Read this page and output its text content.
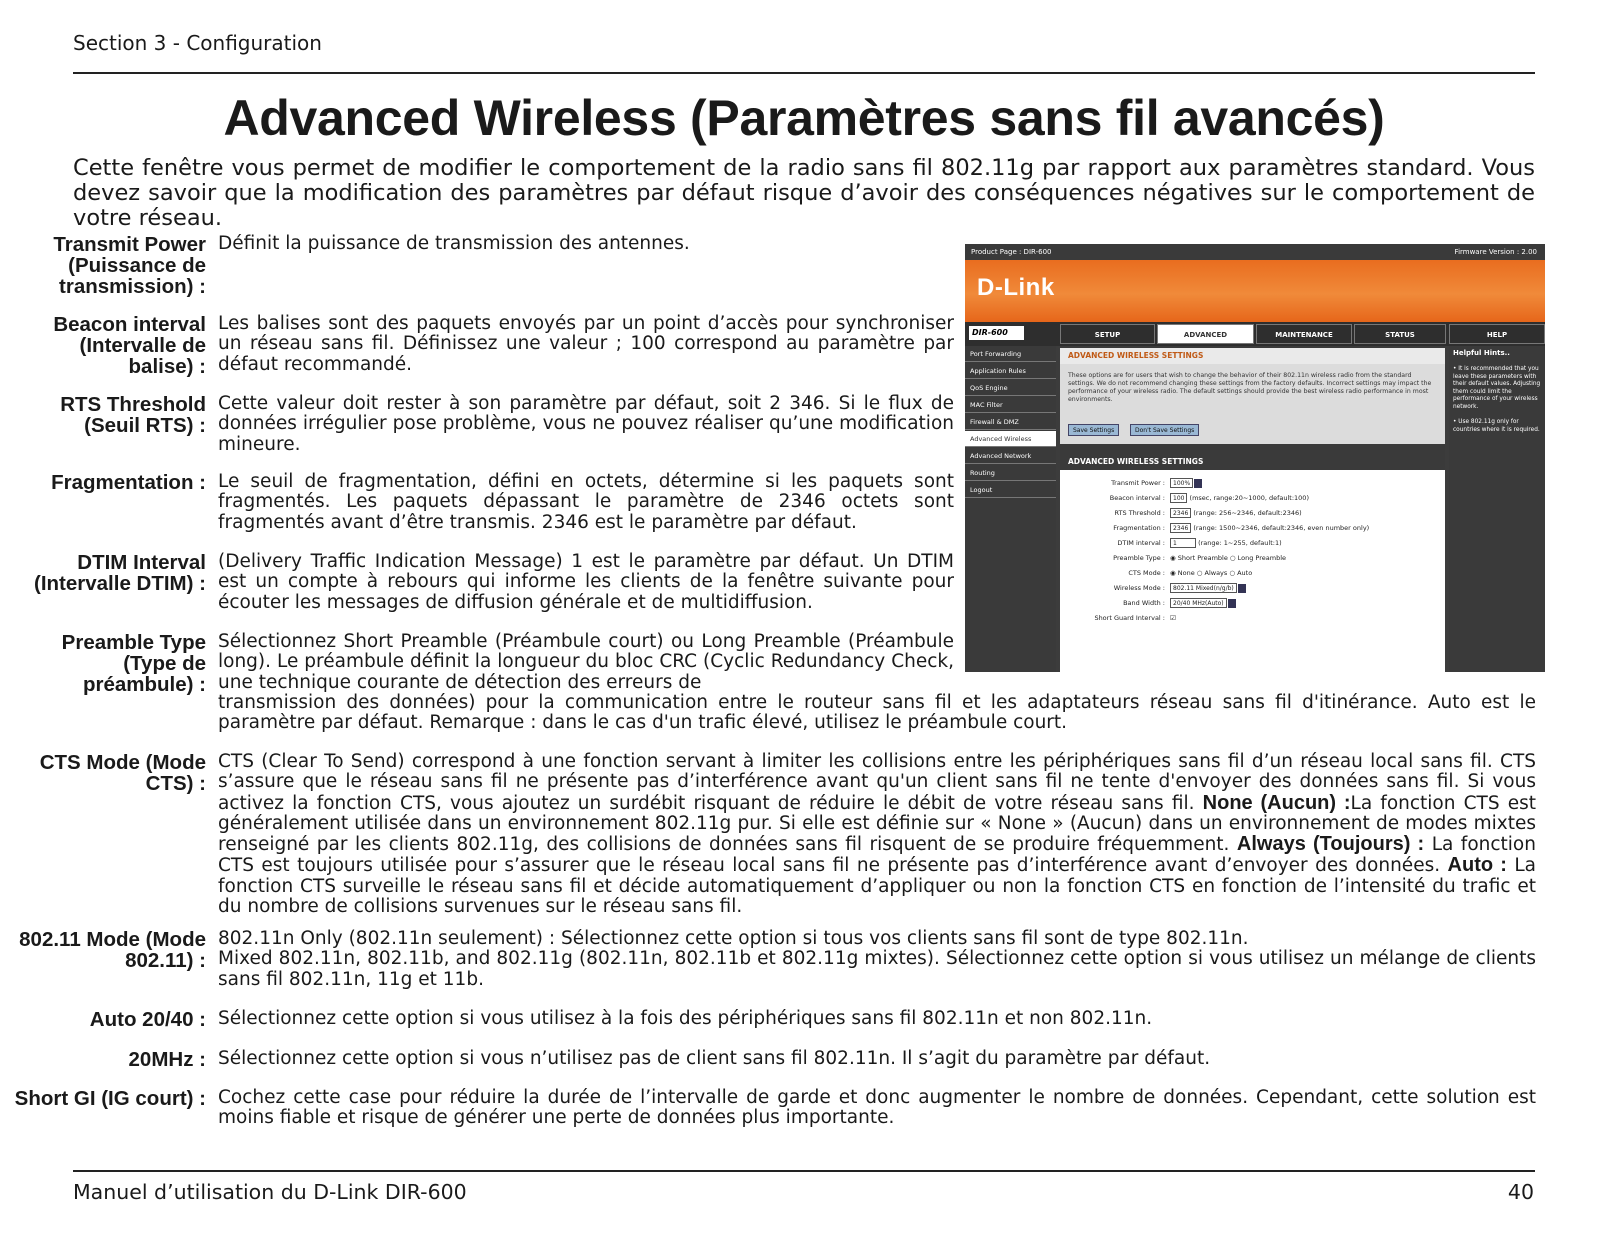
Section 3 - Configuration
Advanced Wireless (Paramètres sans fil avancés)

Cette fenêtre vous permet de modifier le comportement de la radio sans fil 802.11g par rapport aux paramètres standard. Vous devez savoir que la modification des paramètres par défaut risque d’avoir des conséquences négatives sur le comportement de votre réseau.

Transmit Power (Puissance de transmission) :
Définit la puissance de transmission des antennes.
Beacon interval (Intervalle de balise) :
Les balises sont des paquets envoyés par un point d’accès pour synchroniser un réseau sans fil. Définissez une valeur ; 100 correspond au paramètre par défaut recommandé.
RTS Threshold (Seuil RTS) :
Cette valeur doit rester à son paramètre par défaut, soit 2 346. Si le flux de données irrégulier pose problème, vous ne pouvez réaliser qu’une modification mineure.
Fragmentation : Le seuil de fragmentation, défini en octets, détermine si les paquets sont fragmentés. Les paquets dépassant le paramètre de 2346 octets sont fragmentés avant d’être transmis. 2346 est le paramètre par défaut.
DTIM Interval (Intervalle DTIM) :
(Delivery Traffic Indication Message) 1 est le paramètre par défaut. Un DTIM est un compte à rebours qui informe les clients de la fenêtre suivante pour écouter les messages de diffusion générale et de multidiffusion.
Preamble Type (Type de préambule) :
Sélectionnez Short Preamble (Préambule court) ou Long Preamble (Préambule long). Le préambule définit la longueur du bloc CRC (Cyclic Redundancy Check, une technique courante de détection des erreurs de
transmission des données) pour la communication entre le routeur sans fil et les adaptateurs réseau sans fil d'itinérance. Auto est le paramètre par défaut. Remarque : dans le cas d'un trafic élevé, utilisez le préambule court.
CTS Mode (Mode CTS) :
CTS (Clear To Send) correspond à une fonction servant à limiter les collisions entre les périphériques sans fil d’un réseau local sans fil. CTS s’assure que le réseau sans fil ne présente pas d’interférence avant qu'un client sans fil ne tente d'envoyer des données sans fil. Si vous activez la fonction CTS, vous ajoutez un surdébit risquant de réduire le débit de votre réseau sans fil. None (Aucun) :La fonction CTS est généralement utilisée dans un environnement 802.11g pur. Si elle est définie sur « None » (Aucun) dans un environnement de modes mixtes renseigné par les clients 802.11g, des collisions de données sans fil risquent de se produire fréquemment. Always (Toujours) : La fonction CTS est toujours utilisée pour s’assurer que le réseau local sans fil ne présente pas d’interférence avant d’envoyer des données. Auto : La fonction CTS surveille le réseau sans fil et décide automatiquement d’appliquer ou non la fonction CTS en fonction de l’intensité du trafic et du nombre de collisions survenues sur le réseau sans fil.
802.11 Mode (Mode 802.11) :
802.11n Only (802.11n seulement) : Sélectionnez cette option si tous vos clients sans fil sont de type 802.11n.
Mixed 802.11n, 802.11b, and 802.11g (802.11n, 802.11b et 802.11g mixtes). Sélectionnez cette option si vous utilisez un mélange de clients sans fil 802.11n, 11g et 11b.
Auto 20/40 : Sélectionnez cette option si vous utilisez à la fois des périphériques sans fil 802.11n et non 802.11n.
20MHz : Sélectionnez cette option si vous n’utilisez pas de client sans fil 802.11n. Il s’agit du paramètre par défaut.
Short GI (IG court) : Cochez cette case pour réduire la durée de l’intervalle de garde et donc augmenter le nombre de données. Cependant, cette solution est moins fiable et risque de générer une perte de données plus importante.
Product Page : DIR-600	Firmware Version : 2.00
D-Link
DIR-600	SETUP	ADVANCED	MAINTENANCE	STATUS	HELP
Port Forwarding
Application Rules
QoS Engine
MAC Filter
Firewall & DMZ
Advanced Wireless
Advanced Network
Routing
Logout
ADVANCED WIRELESS SETTINGS
These options are for users that wish to change the behavior of their 802.11n wireless radio from the standard settings. We do not recommend changing these settings from the factory defaults. Incorrect settings may impact the performance of your wireless radio. The default settings should provide the best wireless radio performance in most environments.
Save Settings	Don't Save Settings
ADVANCED WIRELESS SETTINGS
Transmit Power :	100%
Beacon interval :	100 (msec, range:20~1000, default:100)
RTS Threshold :	2346 (range: 256~2346, default:2346)
Fragmentation :	2346 (range: 1500~2346, default:2346, even number only)
DTIM interval :	1	(range: 1~255, default:1)
Preamble Type : ◉ Short Preamble ○ Long Preamble
CTS Mode : ◉ None ○ Always ○ Auto
Wireless Mode :	802.11 Mixed(n/g/b)
Band Width :	20/40 MHz(Auto)
Short Guard Interval : ☑
Helpful Hints..
• It is recommended that you leave these parameters with their default values. Adjusting them could limit the performance of your wireless network.
• Use 802.11g only for countries where it is required.
Manuel d’utilisation du D-Link DIR-600	40
